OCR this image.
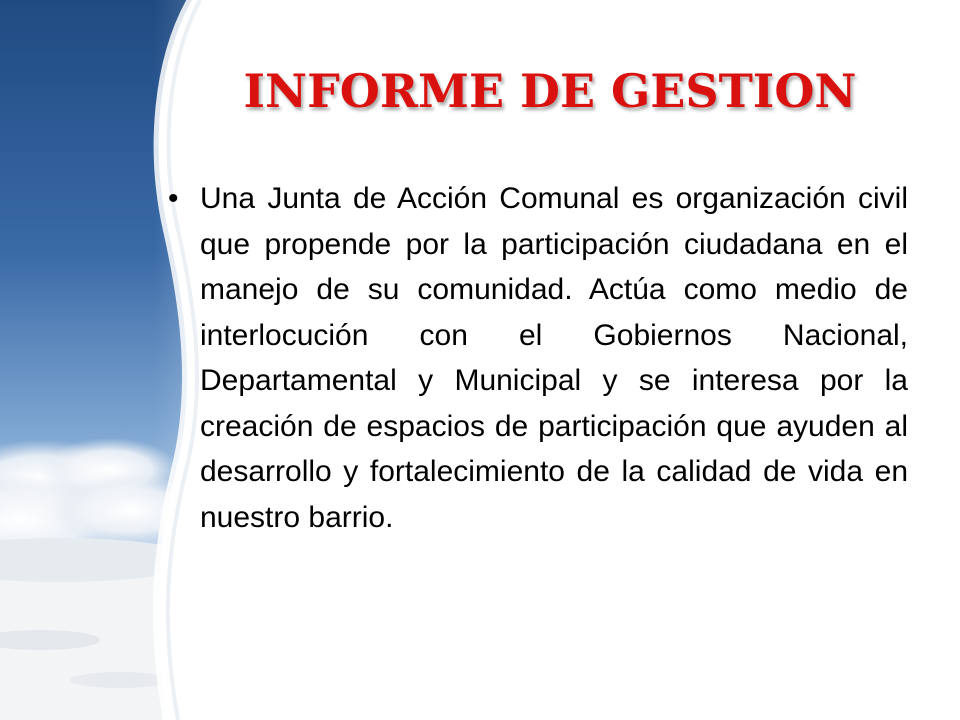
INFORME DE GESTION
• Una Junta de Acción Comunal es organización civil que propende por la participación ciudadana en el manejo de su comunidad. Actúa como medio de interlocución con el Gobiernos Nacional, Departamental y Municipal y se interesa por la creación de espacios de participación que ayuden al desarrollo y fortalecimiento de la calidad de vida en nuestro barrio.
